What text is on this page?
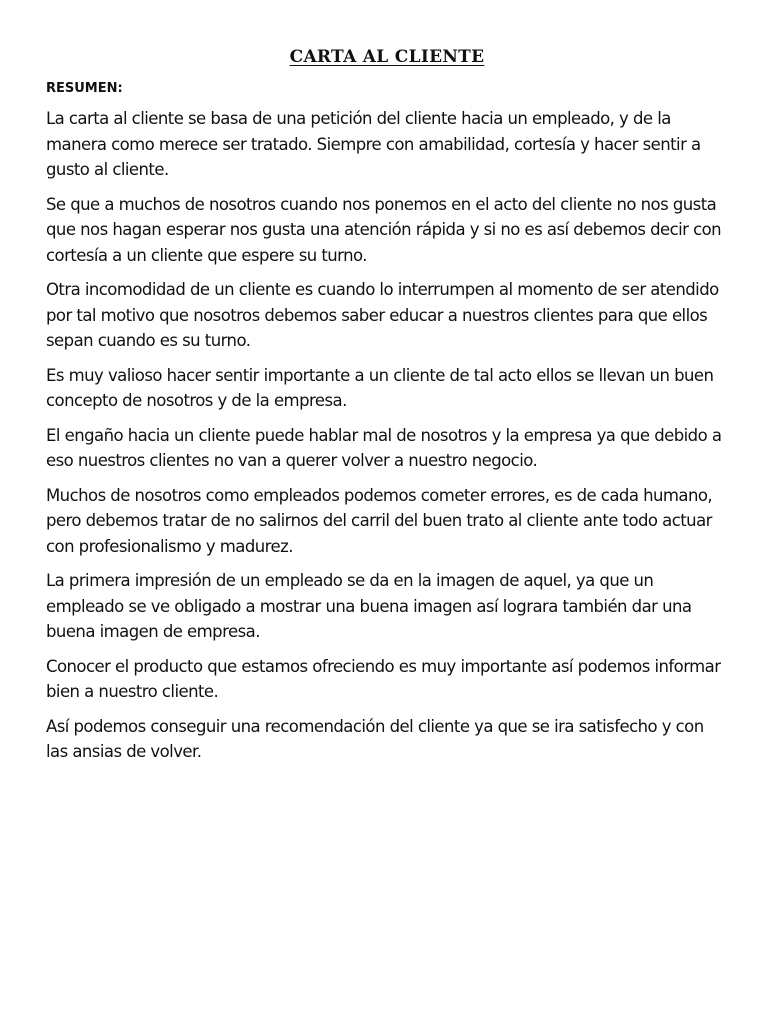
CARTA AL CLIENTE
RESUMEN:

La carta al cliente se basa de una petición del cliente hacia un empleado, y de la manera como merece ser tratado. Siempre con amabilidad, cortesía y hacer sentir a gusto al cliente.

Se que a muchos de nosotros cuando nos ponemos en el acto del cliente no nos gusta que nos hagan esperar nos gusta una atención rápida y si no es así debemos decir con cortesía a un cliente que espere su turno.

Otra incomodidad de un cliente es cuando lo interrumpen al momento de ser atendido por tal motivo que nosotros debemos saber educar a nuestros clientes para que ellos sepan cuando es su turno.

Es muy valioso hacer sentir importante a un cliente de tal acto ellos se llevan un buen concepto de nosotros y de la empresa.

El engaño hacia un cliente puede hablar mal de nosotros y la empresa ya que debido a eso nuestros clientes no van a querer volver a nuestro negocio.

Muchos de nosotros como empleados podemos cometer errores, es de cada humano, pero debemos tratar de no salirnos del carril del buen trato al cliente ante todo actuar con profesionalismo y madurez.

La primera impresión de un empleado se da en la imagen de aquel, ya que un empleado se ve obligado a mostrar una buena imagen así lograra también dar una buena imagen de empresa.

Conocer el producto que estamos ofreciendo es muy importante así podemos informar bien a nuestro cliente.

Así podemos conseguir una recomendación del cliente ya que se ira satisfecho y con las ansias de volver.
